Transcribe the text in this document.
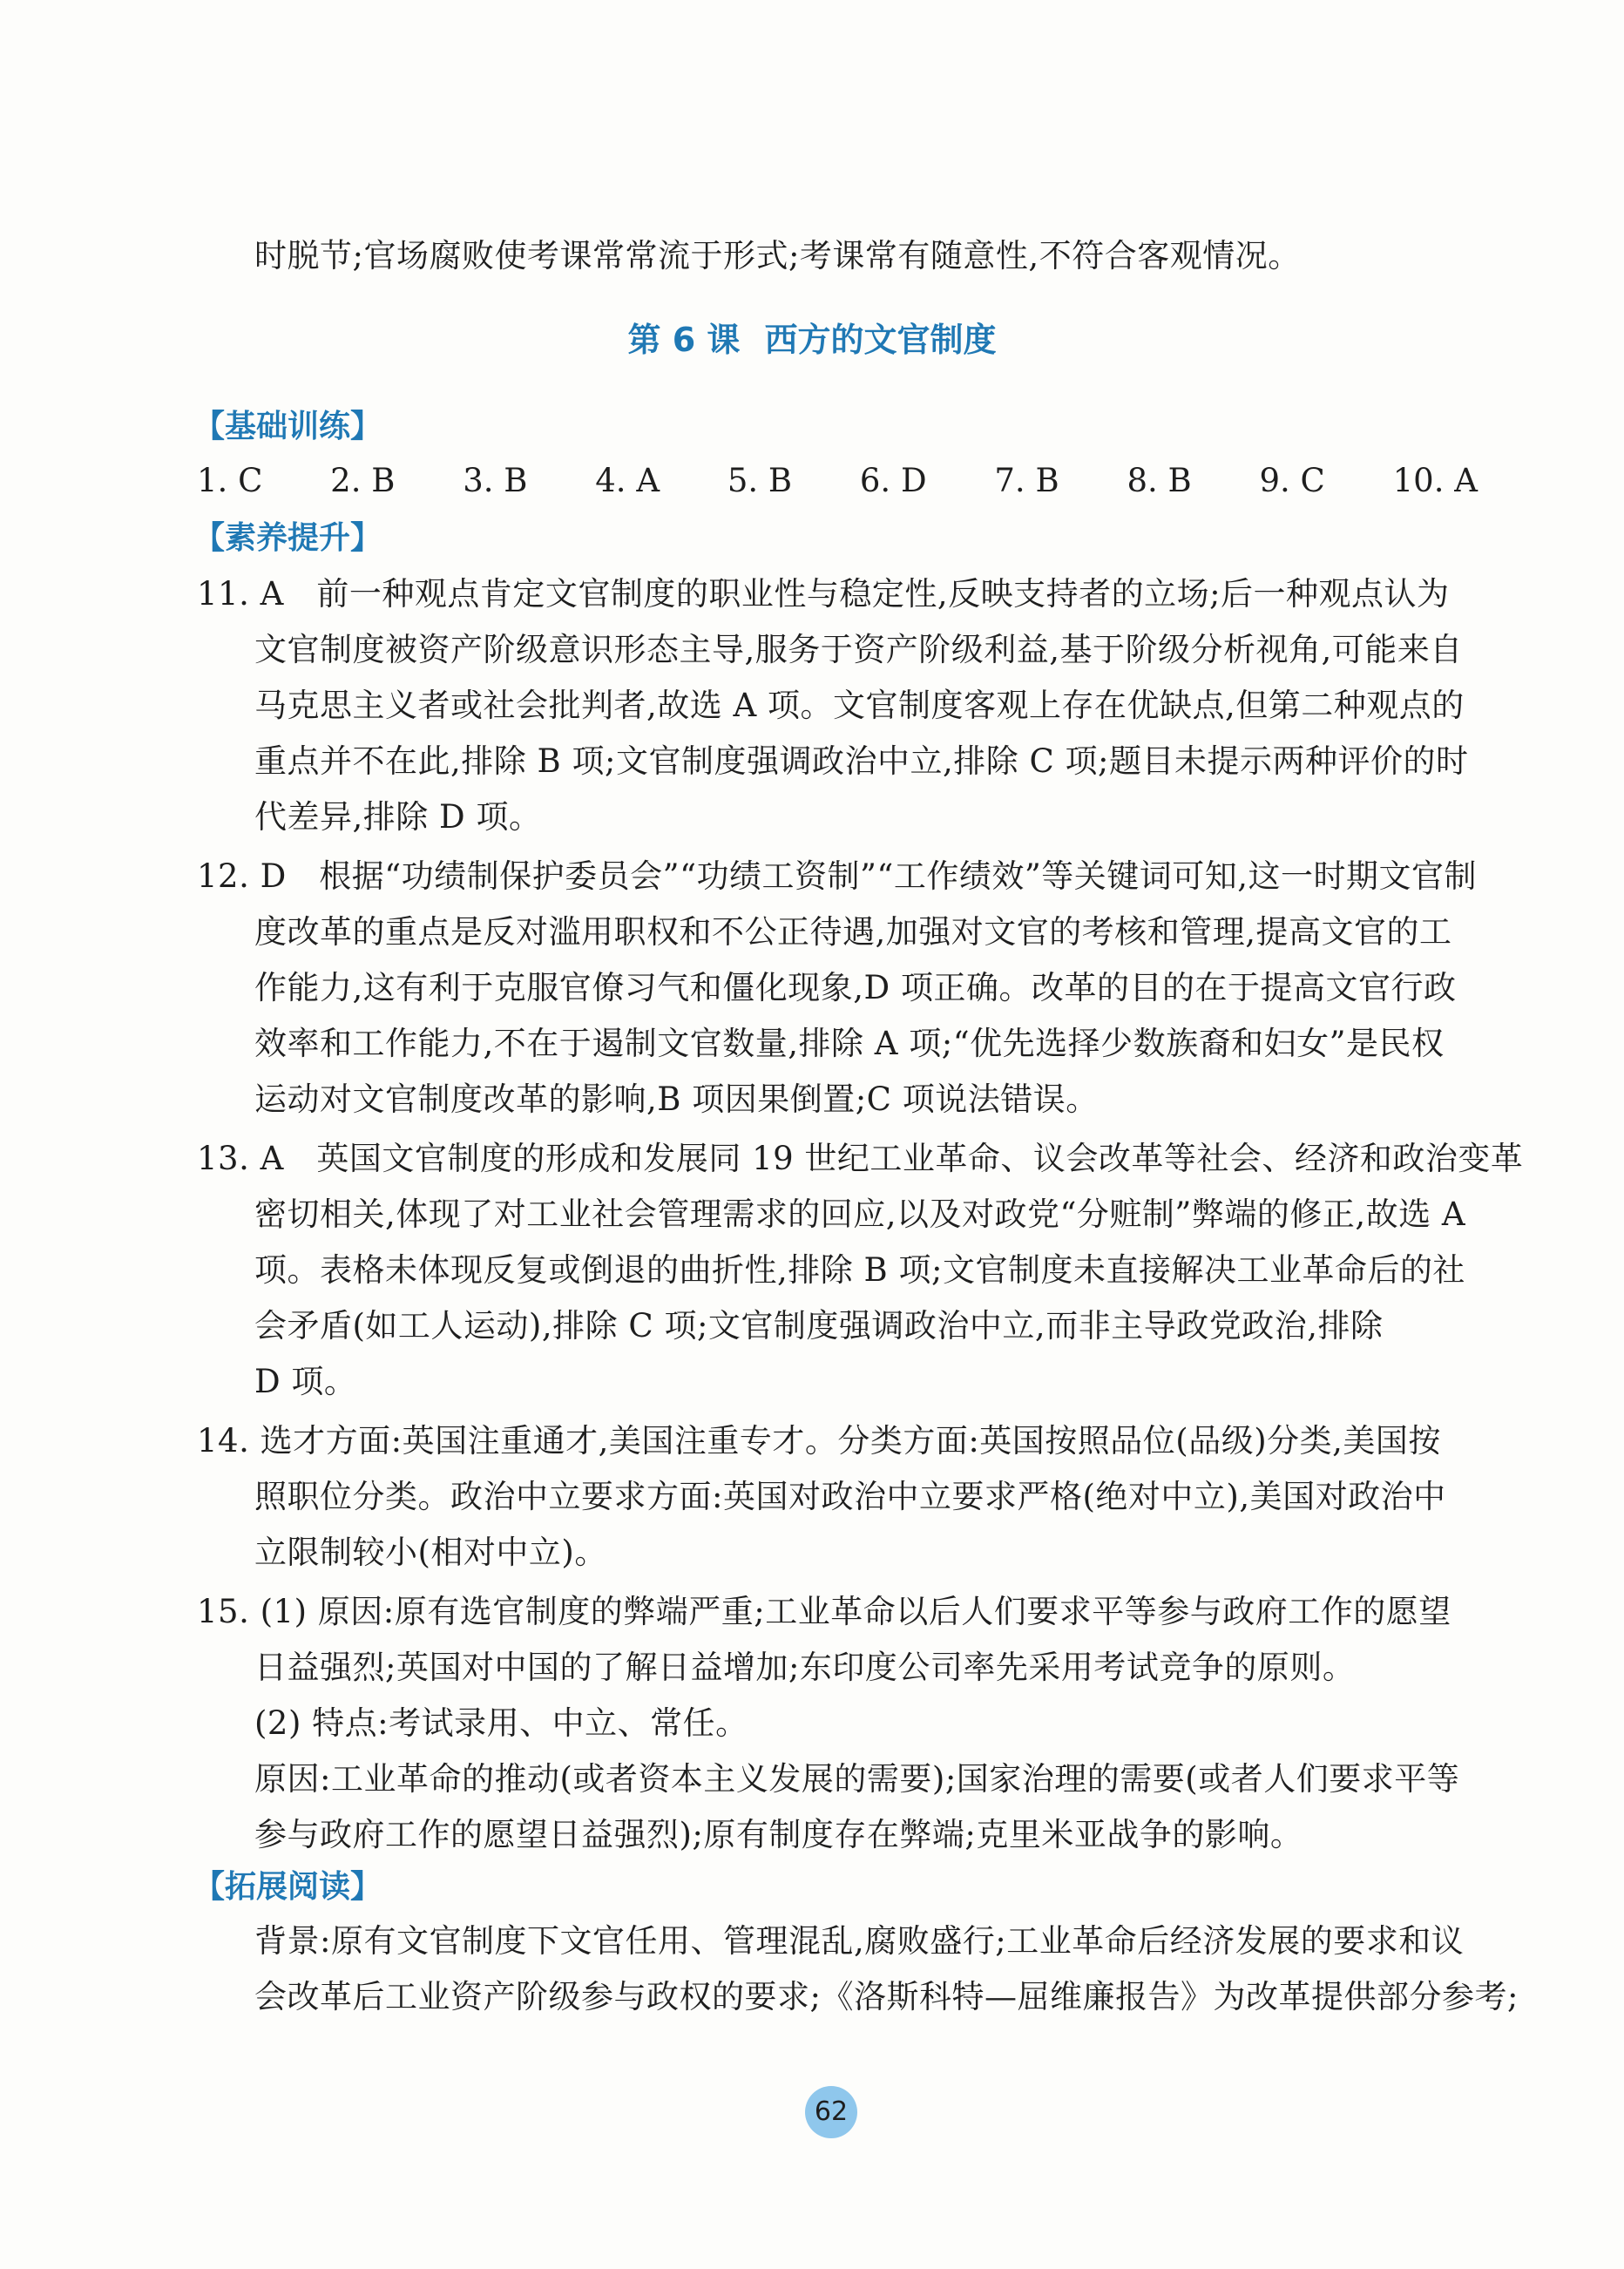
时脱节;官场腐败使考课常常流于形式;考课常有随意性,不符合客观情况。
第 6 课 西方的文官制度
【基础训练】
1. C 2. B 3. B 4. A 5. B 6. D 7. B 8. B 9. C 10. A
【素养提升】
11. A　前一种观点肯定文官制度的职业性与稳定性,反映支持者的立场;后一种观点认为
文官制度被资产阶级意识形态主导,服务于资产阶级利益,基于阶级分析视角,可能来自
马克思主义者或社会批判者,故选 A 项。文官制度客观上存在优缺点,但第二种观点的
重点并不在此,排除 B 项;文官制度强调政治中立,排除 C 项;题目未提示两种评价的时
代差异,排除 D 项。
12. D　根据“功绩制保护委员会”“功绩工资制”“工作绩效”等关键词可知,这一时期文官制
度改革的重点是反对滥用职权和不公正待遇,加强对文官的考核和管理,提高文官的工
作能力,这有利于克服官僚习气和僵化现象,D 项正确。改革的目的在于提高文官行政
效率和工作能力,不在于遏制文官数量,排除 A 项;“优先选择少数族裔和妇女”是民权
运动对文官制度改革的影响,B 项因果倒置;C 项说法错误。
13. A　英国文官制度的形成和发展同 19 世纪工业革命、议会改革等社会、经济和政治变革
密切相关,体现了对工业社会管理需求的回应,以及对政党“分赃制”弊端的修正,故选 A
项。表格未体现反复或倒退的曲折性,排除 B 项;文官制度未直接解决工业革命后的社
会矛盾(如工人运动),排除 C 项;文官制度强调政治中立,而非主导政党政治,排除
D 项。
14. 选才方面:英国注重通才,美国注重专才。分类方面:英国按照品位(品级)分类,美国按
照职位分类。政治中立要求方面:英国对政治中立要求严格(绝对中立),美国对政治中
立限制较小(相对中立)。
15. (1) 原因:原有选官制度的弊端严重;工业革命以后人们要求平等参与政府工作的愿望
日益强烈;英国对中国的了解日益增加;东印度公司率先采用考试竞争的原则。
(2) 特点:考试录用、中立、常任。
原因:工业革命的推动(或者资本主义发展的需要);国家治理的需要(或者人们要求平等
参与政府工作的愿望日益强烈);原有制度存在弊端;克里米亚战争的影响。
【拓展阅读】
背景:原有文官制度下文官任用、管理混乱,腐败盛行;工业革命后经济发展的要求和议
会改革后工业资产阶级参与政权的要求;《洛斯科特—屈维廉报告》为改革提供部分参考;
62
